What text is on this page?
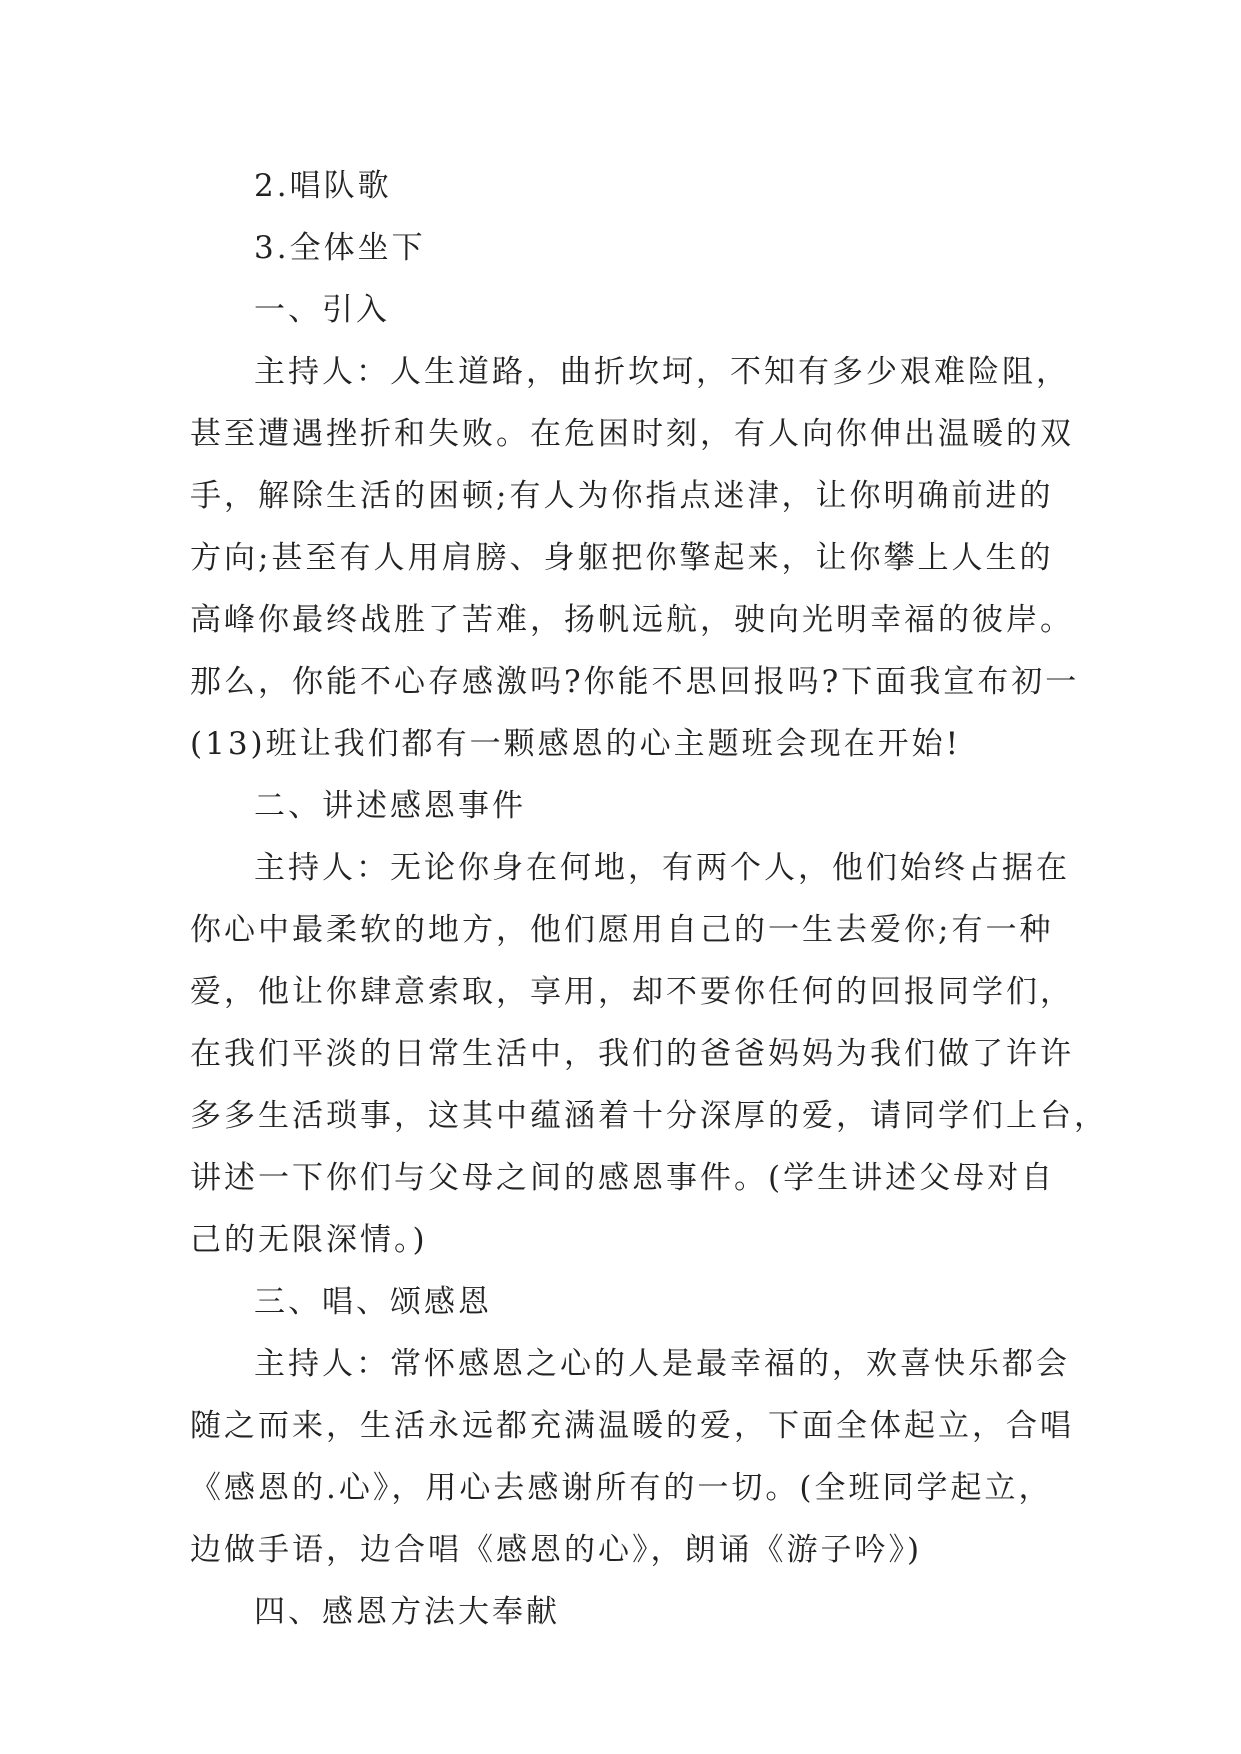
2.唱队歌

3.全体坐下

一、引入

主持人：人生道路，曲折坎坷，不知有多少艰难险阻，

甚至遭遇挫折和失败。在危困时刻，有人向你伸出温暖的双

手，解除生活的困顿;有人为你指点迷津，让你明确前进的

方向;甚至有人用肩膀、身躯把你擎起来，让你攀上人生的

高峰你最终战胜了苦难，扬帆远航，驶向光明幸福的彼岸。

那么，你能不心存感激吗?你能不思回报吗?下面我宣布初一

(13)班让我们都有一颗感恩的心主题班会现在开始!

二、讲述感恩事件

主持人：无论你身在何地，有两个人，他们始终占据在

你心中最柔软的地方，他们愿用自己的一生去爱你;有一种

爱，他让你肆意索取，享用，却不要你任何的回报同学们，

在我们平淡的日常生活中，我们的爸爸妈妈为我们做了许许

多多生活琐事，这其中蕴涵着十分深厚的爱，请同学们上台，

讲述一下你们与父母之间的感恩事件。(学生讲述父母对自

己的无限深情。)

三、唱、颂感恩

主持人：常怀感恩之心的人是最幸福的，欢喜快乐都会

随之而来，生活永远都充满温暖的爱，下面全体起立，合唱

《感恩的.心》，用心去感谢所有的一切。(全班同学起立，

边做手语，边合唱《感恩的心》，朗诵《游子吟》)

四、感恩方法大奉献
